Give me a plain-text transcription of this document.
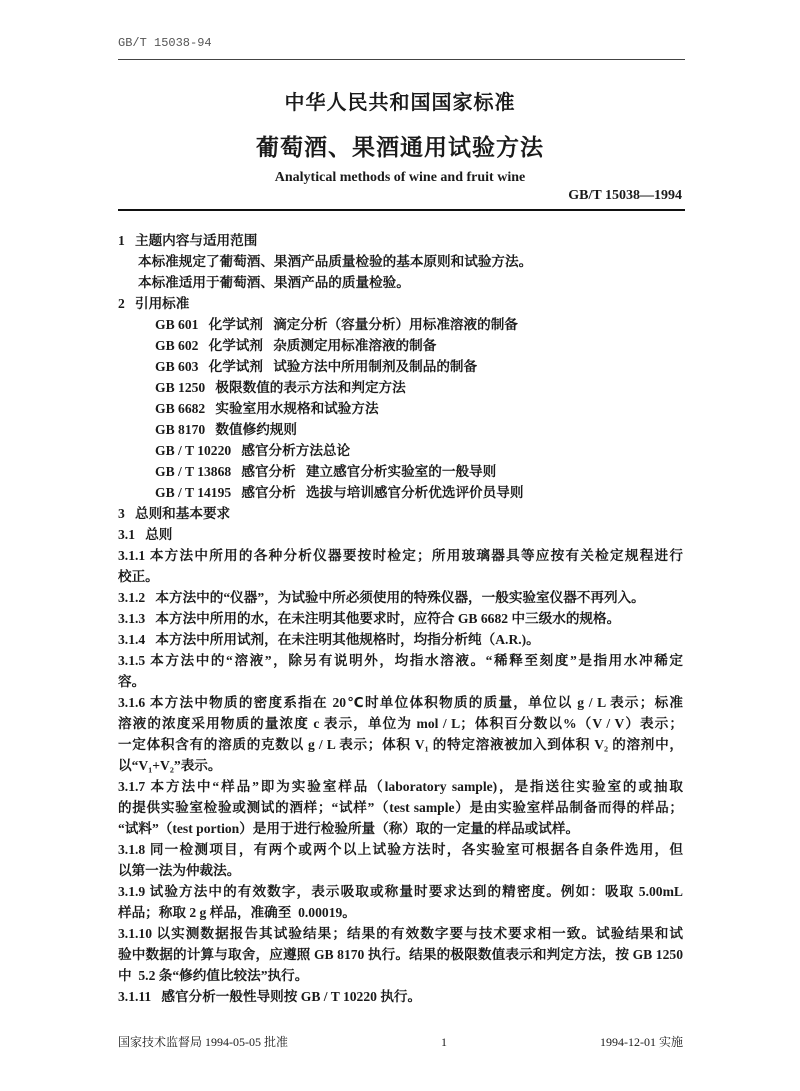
GB/T 15038-94
中华人民共和国国家标准
葡萄酒、果酒通用试验方法
Analytical methods of wine and fruit wine
GB/T 15038—1994
1   主题内容与适用范围
本标准规定了葡萄酒、果酒产品质量检验的基本原则和试验方法。
本标准适用于葡萄酒、果酒产品的质量检验。
2   引用标准
GB 601   化学试剂   滴定分析（容量分析）用标准溶液的制备
GB 602   化学试剂   杂质测定用标准溶液的制备
GB 603   化学试剂   试验方法中所用制剂及制品的制备
GB 1250   极限数值的表示方法和判定方法
GB 6682   实验室用水规格和试验方法
GB 8170   数值修约规则
GB / T 10220   感官分析方法总论
GB / T 13868   感官分析   建立感官分析实验室的一般导则
GB / T 14195   感官分析   选拔与培训感官分析优选评价员导则
3   总则和基本要求
3.1   总则
3.1.1 本方法中所用的各种分析仪器要按时检定；所用玻璃器具等应按有关检定规程进行
校正。
3.1.2   本方法中的“仪器”，为试验中所必须使用的特殊仪器，一般实验室仪器不再列入。
3.1.3   本方法中所用的水，在未注明其他要求时，应符合 GB 6682 中三级水的规格。
3.1.4   本方法中所用试剂，在未注明其他规格时，均指分析纯（A.R.)。
3.1.5 本方法中的“溶液”，除另有说明外，均指水溶液。“稀释至刻度”是指用水冲稀定
容。
3.1.6 本方法中物质的密度系指在 20℃时单位体积物质的质量，单位以 g / L 表示；标准
溶液的浓度采用物质的量浓度 c 表示，单位为 mol / L；体积百分数以%（V / V）表示；
一定体积含有的溶质的克数以 g / L 表示；体积 V₁ 的特定溶液被加入到体积 V₂ 的溶剂中，
以“V₁+V₂”表示。
3.1.7 本方法中“样品”即为实验室样品（laboratory sample)，是指送往实验室的或抽取
的提供实验室检验或测试的酒样；“试样”（test sample）是由实验室样品制备而得的样品；
“试料”（test portion）是用于进行检验所量（称）取的一定量的样品或试样。
3.1.8 同一检测项目，有两个或两个以上试验方法时，各实验室可根据各自条件选用，但
以第一法为仲裁法。
3.1.9 试验方法中的有效数字，表示吸取或称量时要求达到的精密度。例如：吸取 5.00mL
样品；称取 2 g 样品，准确至  0.00019。
3.1.10 以实测数据报告其试验结果；结果的有效数字要与技术要求相一致。试验结果和试
验中数据的计算与取舍，应遵照 GB 8170 执行。结果的极限数值表示和判定方法，按 GB 1250
中  5.2 条“修约值比较法”执行。
3.1.11   感官分析一般性导则按 GB / T 10220 执行。
国家技术监督局 1994-05-05 批准	1	1994-12-01 实施
